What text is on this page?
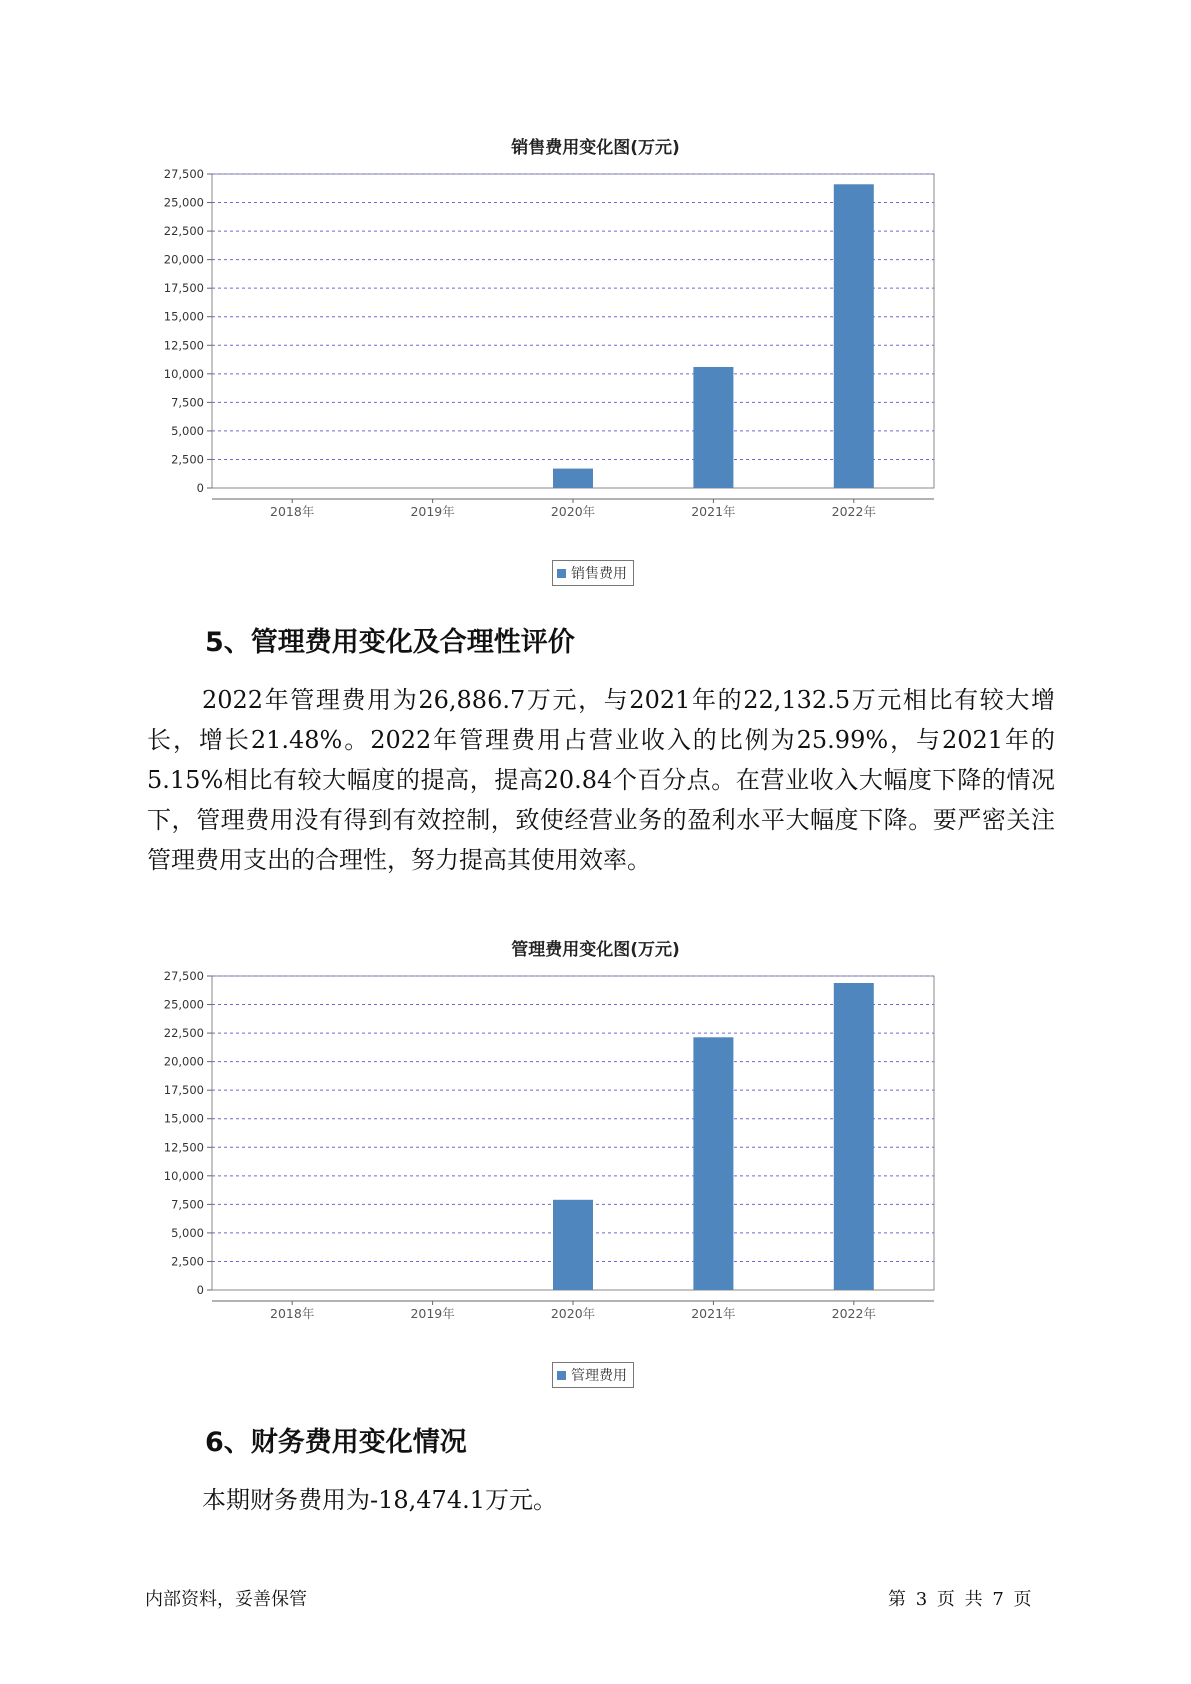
销售费用变化图(万元)
0
2,500
5,000
7,500
10,000
12,500
15,000
17,500
20,000
22,500
25,000
27,500
2018年	2019年	2020年	2021年	2022年
销售费用
5、管理费用变化及合理性评价

2022年管理费用为26,886.7万元，与2021年的22,132.5万元相比有较大增长，增长21.48%。2022年管理费用占营业收入的比例为25.99%，与2021年的5.15%相比有较大幅度的提高，提高20.84个百分点。在营业收入大幅度下降的情况下，管理费用没有得到有效控制，致使经营业务的盈利水平大幅度下降。要严密关注管理费用支出的合理性，努力提高其使用效率。

管理费用变化图(万元)
0
2,500
5,000
7,500
10,000
12,500
15,000
17,500
20,000
22,500
25,000
27,500
2018年	2019年	2020年	2021年	2022年
管理费用
6、财务费用变化情况

本期财务费用为-18,474.1万元。

内部资料，妥善保管	第 3 页 共 7 页
